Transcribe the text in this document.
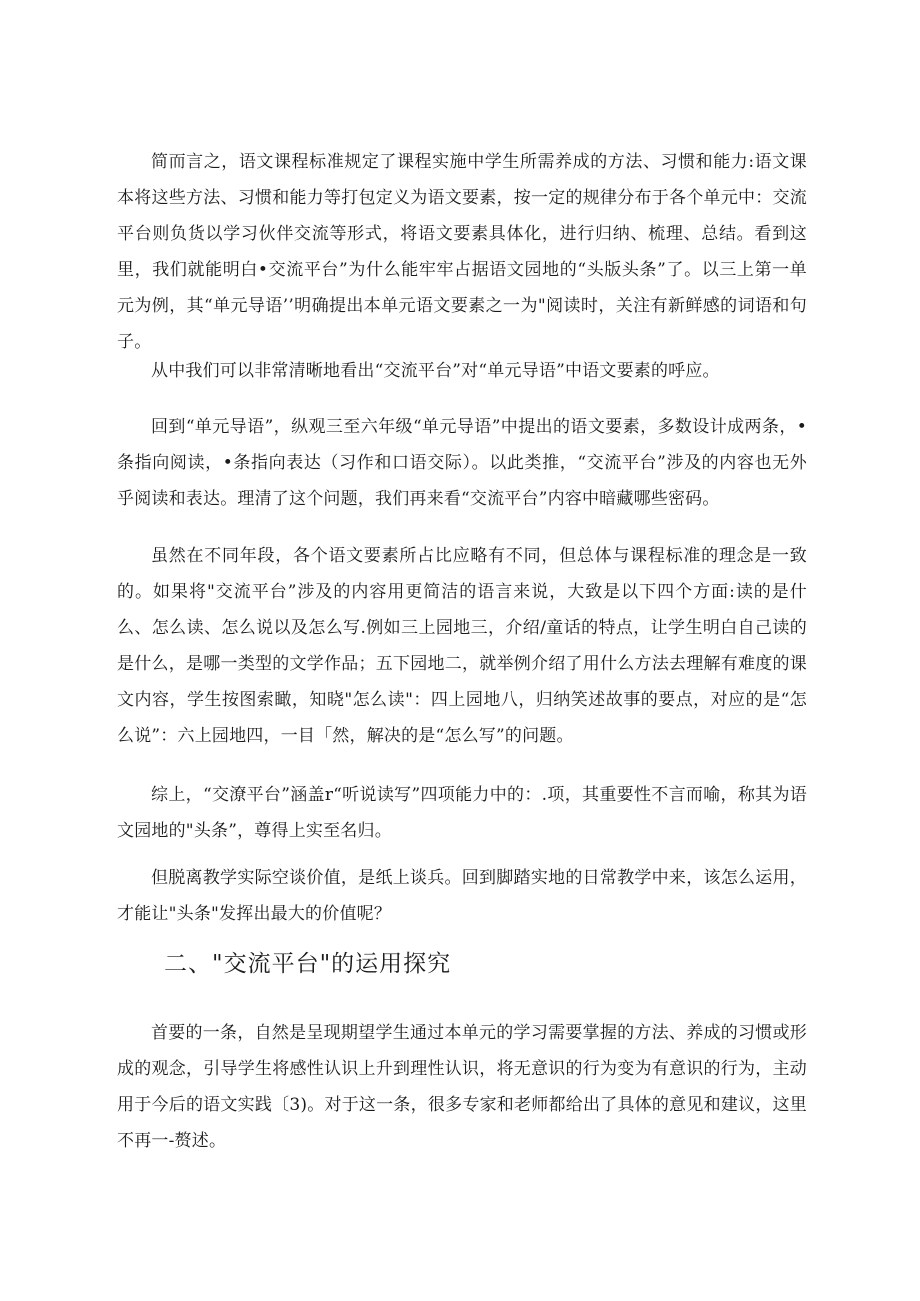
简而言之，语文课程标准规定了课程实施中学生所需养成的方法、习惯和能力:语文课本将这些方法、习惯和能力等打包定义为语文要素，按一定的规律分布于各个单元中：交流平台则负货以学习伙伴交流等形式，将语文要素具体化，进行归纳、梳理、总结。看到这里，我们就能明白•交流平台”为什么能牢牢占据语文园地的“头版头条”了。以三上第一单元为例，其“单元导语’’明确提出本单元语文要素之一为"阅读时，关注有新鲜感的词语和句子。

从中我们可以非常清晰地看出“交流平台”对“单元导语”中语文要素的呼应。

回到“单元导语”，纵观三至六年级“单元导语”中提出的语文要素，多数设计成两条，•条指向阅读，•条指向表达（习作和口语交际）。以此类推，“交流平台”涉及的内容也无外乎阅读和表达。理清了这个问题，我们再来看“交流平台”内容中暗藏哪些密码。

虽然在不同年段，各个语文要素所占比应略有不同，但总体与课程标准的理念是一致的。如果将"交流平台”涉及的内容用更简洁的语言来说，大致是以下四个方面:读的是什么、怎么读、怎么说以及怎么写.例如三上园地三，介绍/童话的特点，让学生明白自己读的是什么，是哪一类型的文学作品；五下园地二，就举例介绍了用什么方法去理解有难度的课文内容，学生按图索瞰，知晓"怎么读"：四上园地八，归纳笑述故事的要点，对应的是“怎么说”：六上园地四，一目「然，解决的是“怎么写”的问题。

综上，“交潦平台”涵盖r“听说读写”四项能力中的：.项，其重要性不言而喻，称其为语文园地的"头条”，尊得上实至名归。

但脱离教学实际空谈价值，是纸上谈兵。回到脚踏实地的日常教学中来，该怎么运用，才能让"头条"发挥出最大的价值呢？

二、"交流平台"的运用探究

首要的一条，自然是呈现期望学生通过本单元的学习需要掌握的方法、养成的习惯或形成的观念，引导学生将感性认识上升到理性认识，将无意识的行为变为有意识的行为，主动用于今后的语文实践〔3)。对于这一条，很多专家和老师都给出了具体的意见和建议，这里不再一-赘述。
